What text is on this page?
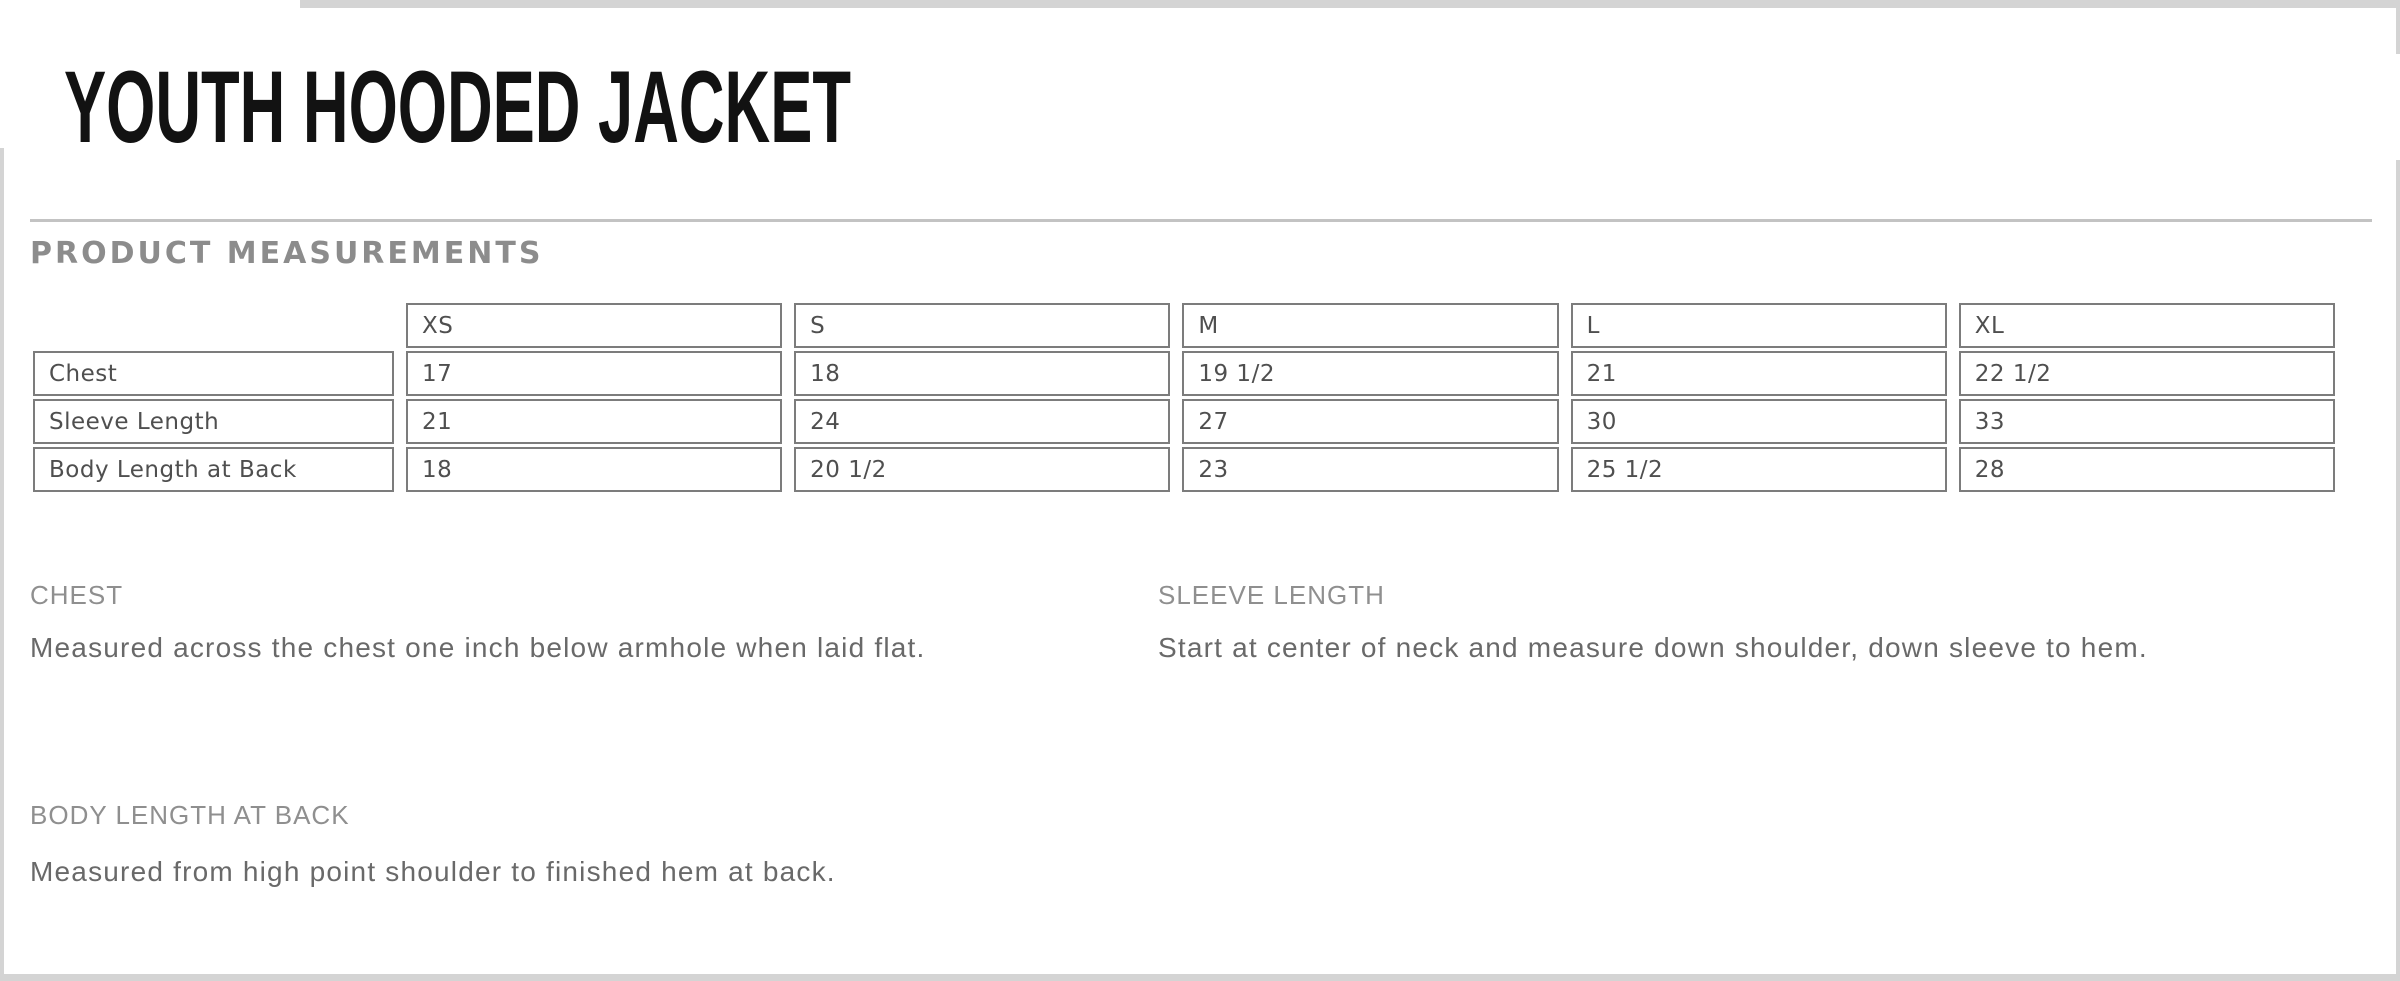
YOUTH HOODED JACKET
PRODUCT MEASUREMENTS
	XS	S	M	L	XL
Chest	17	18	19 1/2	21	22 1/2
Sleeve Length	21	24	27	30	33
Body Length at Back	18	20 1/2	23	25 1/2	28
CHEST
Measured across the chest one inch below armhole when laid flat.
SLEEVE LENGTH
Start at center of neck and measure down shoulder, down sleeve to hem.
BODY LENGTH AT BACK
Measured from high point shoulder to finished hem at back.
